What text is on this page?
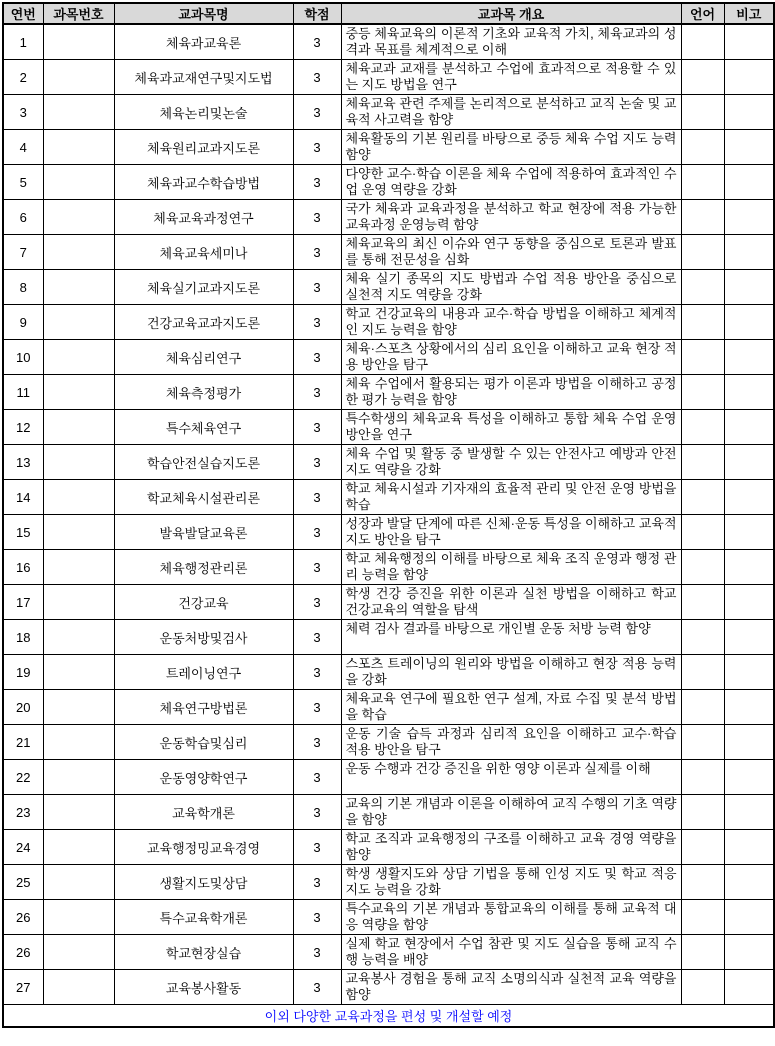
연번	과목번호	교과목명	학점	교과목 개요	언어	비고
1		체육과교육론	3	중등 체육교육의 이론적 기초와 교육적 가치, 체육교과의 성격과 목표를 체계적으로 이해		
2		체육과교재연구및지도법	3	체육교과 교재를 분석하고 수업에 효과적으로 적용할 수 있는 지도 방법을 연구		
3		체육논리및논술	3	체육교육 관련 주제를 논리적으로 분석하고 교직 논술 및 교육적 사고력을 함양		
4		체육원리교과지도론	3	체육활동의 기본 원리를 바탕으로 중등 체육 수업 지도 능력 함양		
5		체육과교수학습방법	3	다양한 교수·학습 이론을 체육 수업에 적용하여 효과적인 수업 운영 역량을 강화		
6		체육교육과정연구	3	국가 체육과 교육과정을 분석하고 학교 현장에 적용 가능한 교육과정 운영능력 함양		
7		체육교육세미나	3	체육교육의 최신 이슈와 연구 동향을 중심으로 토론과 발표를 통해 전문성을 심화		
8		체육실기교과지도론	3	체육 실기 종목의 지도 방법과 수업 적용 방안을 중심으로 실천적 지도 역량을 강화		
9		건강교육교과지도론	3	학교 건강교육의 내용과 교수·학습 방법을 이해하고 체계적인 지도 능력을 함양		
10		체육심리연구	3	체육·스포츠 상황에서의 심리 요인을 이해하고 교육 현장 적용 방안을 탐구		
11		체육측정평가	3	체육 수업에서 활용되는 평가 이론과 방법을 이해하고 공정한 평가 능력을 함양		
12		특수체육연구	3	특수학생의 체육교육 특성을 이해하고 통합 체육 수업 운영 방안을 연구		
13		학습안전실습지도론	3	체육 수업 및 활동 중 발생할 수 있는 안전사고 예방과 안전 지도 역량을 강화		
14		학교체육시설관리론	3	학교 체육시설과 기자재의 효율적 관리 및 안전 운영 방법을 학습		
15		발육발달교육론	3	성장과 발달 단계에 따른 신체·운동 특성을 이해하고 교육적 지도 방안을 탐구		
16		체육행정관리론	3	학교 체육행정의 이해를 바탕으로 체육 조직 운영과 행정 관리 능력을 함양		
17		건강교육	3	학생 건강 증진을 위한 이론과 실천 방법을 이해하고 학교 건강교육의 역할을 탐색		
18		운동처방및검사	3	체력 검사 결과를 바탕으로 개인별 운동 처방 능력 함양		
19		트레이닝연구	3	스포츠 트레이닝의 원리와 방법을 이해하고 현장 적용 능력을 강화		
20		체육연구방법론	3	체육교육 연구에 필요한 연구 설계, 자료 수집 및 분석 방법을 학습		
21		운동학습및심리	3	운동 기술 습득 과정과 심리적 요인을 이해하고 교수·학습 적용 방안을 탐구		
22		운동영양학연구	3	운동 수행과 건강 증진을 위한 영양 이론과 실제를 이해		
23		교육학개론	3	교육의 기본 개념과 이론을 이해하여 교직 수행의 기초 역량을 함양		
24		교육행정밍교육경영	3	학교 조직과 교육행정의 구조를 이해하고 교육 경영 역량을 함양		
25		생활지도및상담	3	학생 생활지도와 상담 기법을 통해 인성 지도 및 학교 적응 지도 능력을 강화		
26		특수교육학개론	3	특수교육의 기본 개념과 통합교육의 이해를 통해 교육적 대응 역량을 함양		
26		학교현장실습	3	실제 학교 현장에서 수업 참관 및 지도 실습을 통해 교직 수행 능력을 배양		
27		교육봉사활동	3	교육봉사 경험을 통해 교직 소명의식과 실천적 교육 역량을 함양		
이외 다양한 교육과정을 편성 및 개설할 예정						
